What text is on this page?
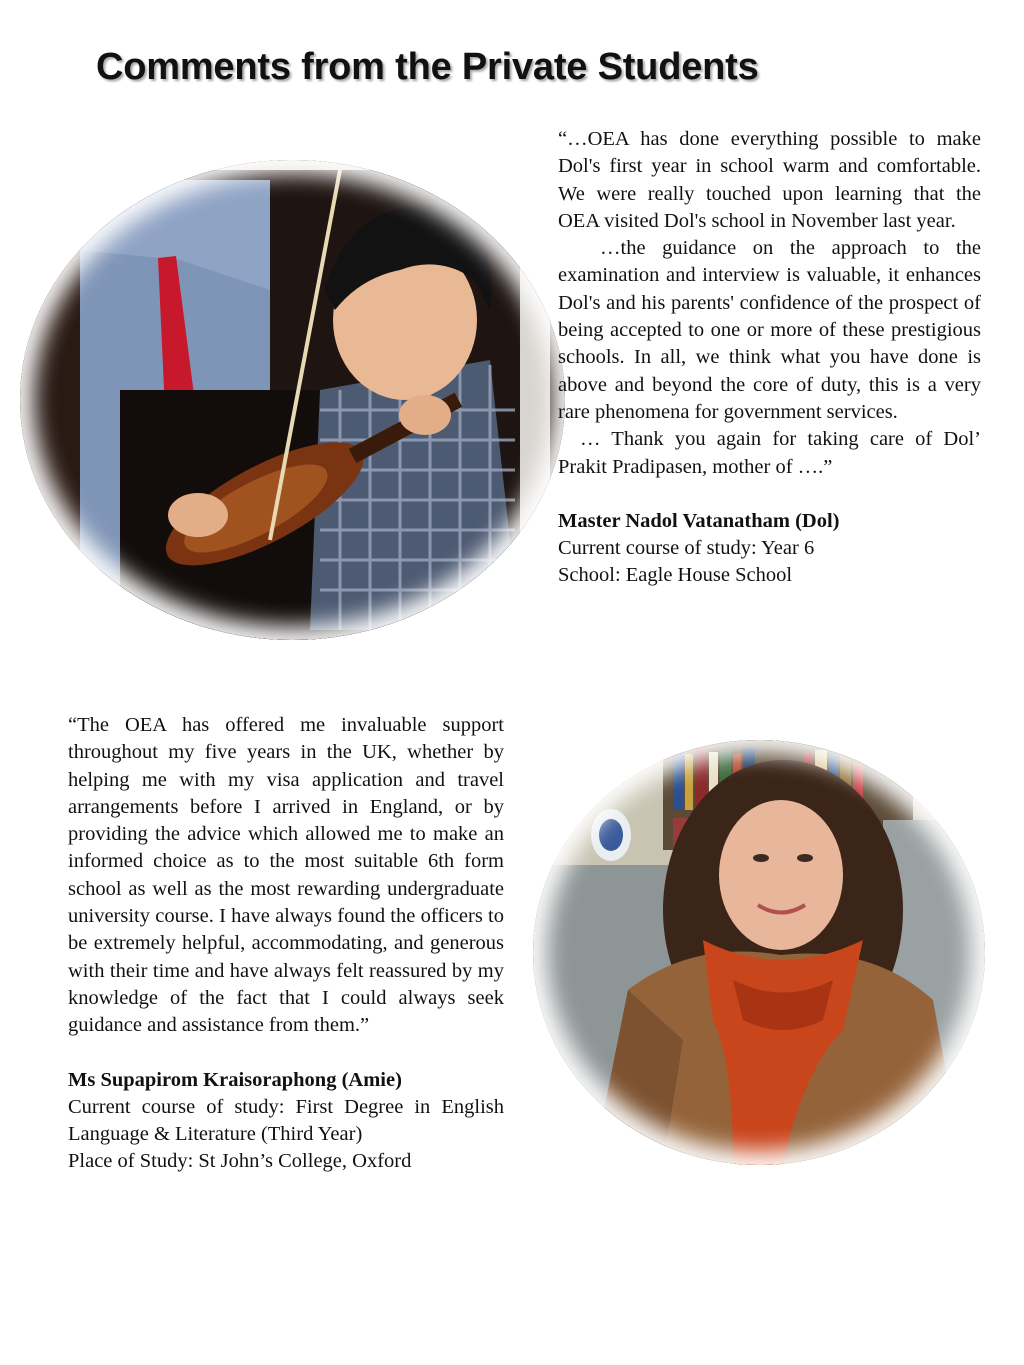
Comments from the Private Students

“…OEA has done everything possible to make Dol's first year in school warm and comfortable. We were really touched upon learning that the OEA visited Dol's school in November last year.

…the guidance on the approach to the examination and interview is valuable, it enhances Dol's and his parents' confidence of the prospect of being accepted to one or more of these prestigious schools. In all, we think what you have done is above and beyond the core of duty, this is a very rare phenomena for government services.

… Thank you again for taking care of Dol’ Prakit Pradipasen, mother of ….”

Master Nadol Vatanatham (Dol)
Current course of study: Year 6
School: Eagle House School

“The OEA has offered me invaluable support throughout my five years in the UK, whether by helping me with my visa application and travel arrangements before I arrived in England, or by providing the advice which allowed me to make an informed choice as to the most suitable 6th form school as well as the most rewarding undergraduate university course. I have always found the officers to be extremely helpful, accommodating, and generous with their time and have always felt reassured by my knowledge of the fact that I could always seek guidance and assistance from them.”

Ms Supapirom Kraisoraphong (Amie)

Current course of study: First Degree in English Language & Literature (Third Year)

Place of Study: St John’s College, Oxford
